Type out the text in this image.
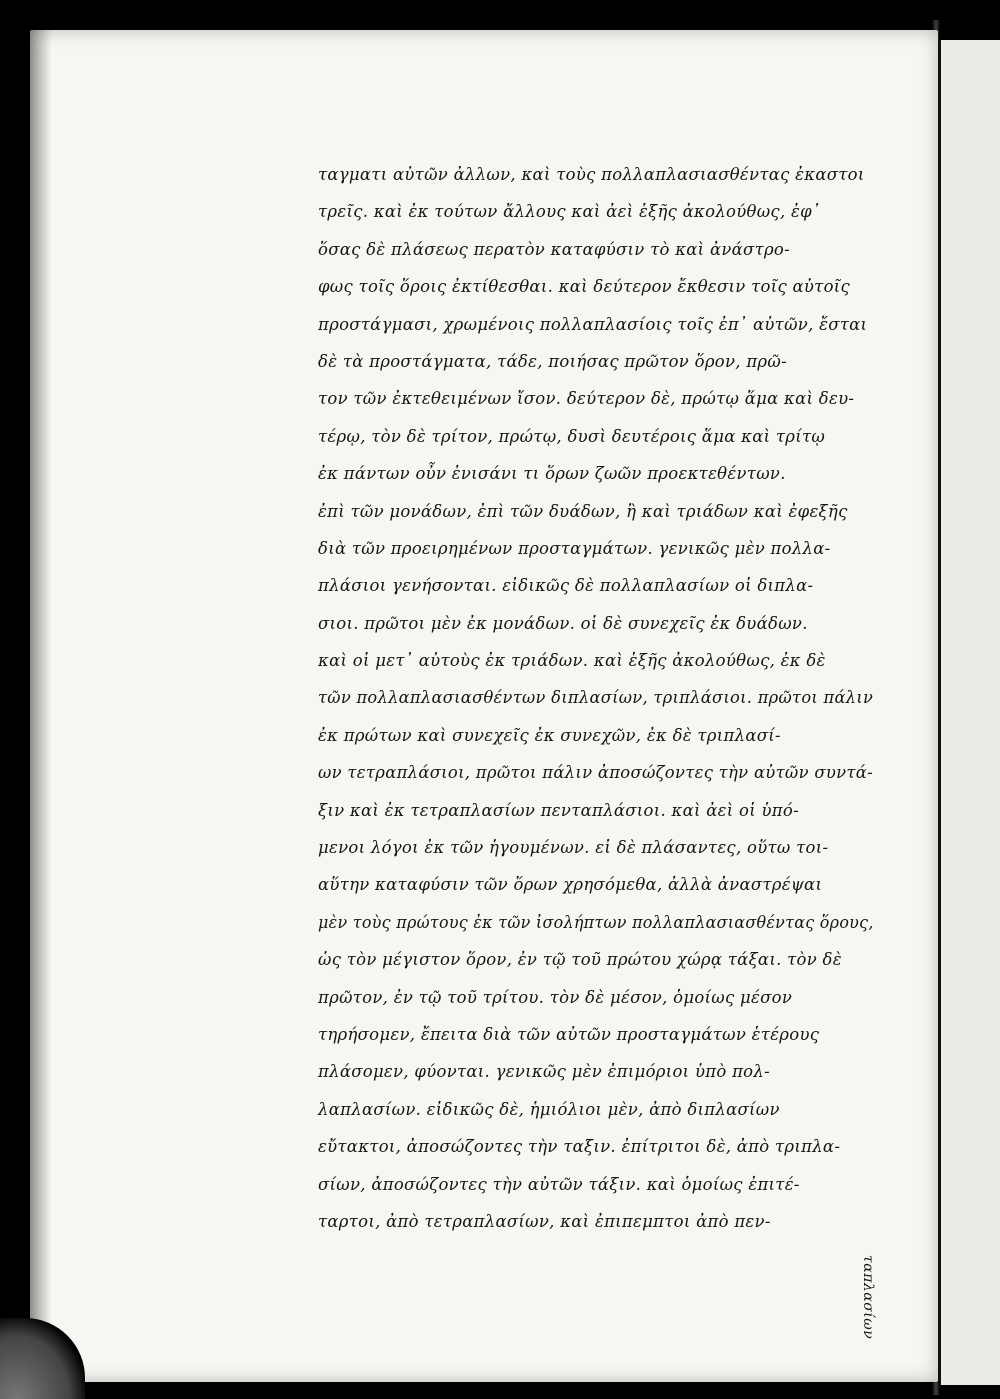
ταγματι αὐτῶν ἀλλων, καὶ τοὺς πολλαπλασιασθέντας ἐκαστοι
τρεῖς. καὶ ἐκ τούτων ἄλλους καὶ ἀεὶ ἑξῆς ἀκολούθως, ἐφ᾽
ὅσας δὲ πλάσεως περατὸν καταφύσιν τὸ καὶ ἀνάστρο-
φως τοῖς ὅροις ἐκτίθεσθαι. καὶ δεύτερον ἔκθεσιν τοῖς αὐτοῖς
προστάγμασι, χρωμένοις πολλαπλασίοις τοῖς ἐπ᾽ αὐτῶν, ἔσται
δὲ τὰ προστάγματα, τάδε, ποιήσας πρῶτον ὅρον, πρῶ-
τον τῶν ἐκτεθειμένων ἴσον. δεύτερον δὲ, πρώτῳ ἅμα καὶ δευ-
τέρῳ, τὸν δὲ τρίτον, πρώτῳ, δυσὶ δευτέροις ἅμα καὶ τρίτῳ
ἐκ πάντων οὖν ἐνισάνι τι ὅρων ζωῶν προεκτεθέντων.
ἐπὶ τῶν μονάδων, ἐπὶ τῶν δυάδων, ἢ καὶ τριάδων καὶ ἐφεξῆς
διὰ τῶν προειρημένων προσταγμάτων. γενικῶς μὲν πολλα-
πλάσιοι γενήσονται. εἰδικῶς δὲ πολλαπλασίων οἱ διπλα-
σιοι. πρῶτοι μὲν ἐκ μονάδων. οἱ δὲ συνεχεῖς ἐκ δυάδων.
καὶ οἱ μετ᾽ αὐτοὺς ἐκ τριάδων. καὶ ἑξῆς ἀκολούθως, ἐκ δὲ
τῶν πολλαπλασιασθέντων διπλασίων, τριπλάσιοι. πρῶτοι πάλιν
ἐκ πρώτων καὶ συνεχεῖς ἐκ συνεχῶν, ἐκ δὲ τριπλασί-
ων τετραπλάσιοι, πρῶτοι πάλιν ἀποσώζοντες τὴν αὐτῶν συντά-
ξιν καὶ ἐκ τετραπλασίων πενταπλάσιοι. καὶ ἀεὶ οἱ ὑπό-
μενοι λόγοι ἐκ τῶν ἡγουμένων. εἰ δὲ πλάσαντες, οὕτω τοι-
αὕτην καταφύσιν τῶν ὅρων χρησόμεθα, ἀλλὰ ἀναστρέψαι
μὲν τοὺς πρώτους ἐκ τῶν ἰσολήπτων πολλαπλασιασθέντας ὅρους,
ὡς τὸν μέγιστον ὅρον, ἐν τῷ τοῦ πρώτου χώρᾳ τάξαι. τὸν δὲ
πρῶτον, ἐν τῷ τοῦ τρίτου. τὸν δὲ μέσον, ὁμοίως μέσον
τηρήσομεν, ἔπειτα διὰ τῶν αὐτῶν προσταγμάτων ἑτέρους
πλάσομεν, φύονται. γενικῶς μὲν ἐπιμόριοι ὑπὸ πολ-
λαπλασίων. εἰδικῶς δὲ, ἡμιόλιοι μὲν, ἀπὸ διπλασίων
εὔτακτοι, ἀποσώζοντες τὴν ταξιν. ἐπίτριτοι δὲ, ἀπὸ τριπλα-
σίων, ἀποσώζοντες τὴν αὐτῶν τάξιν. καὶ ὁμοίως ἐπιτέ-
ταρτοι, ἀπὸ τετραπλασίων, καὶ ἐπιπεμπτοι ἀπὸ πεν-
ταπλασίων
